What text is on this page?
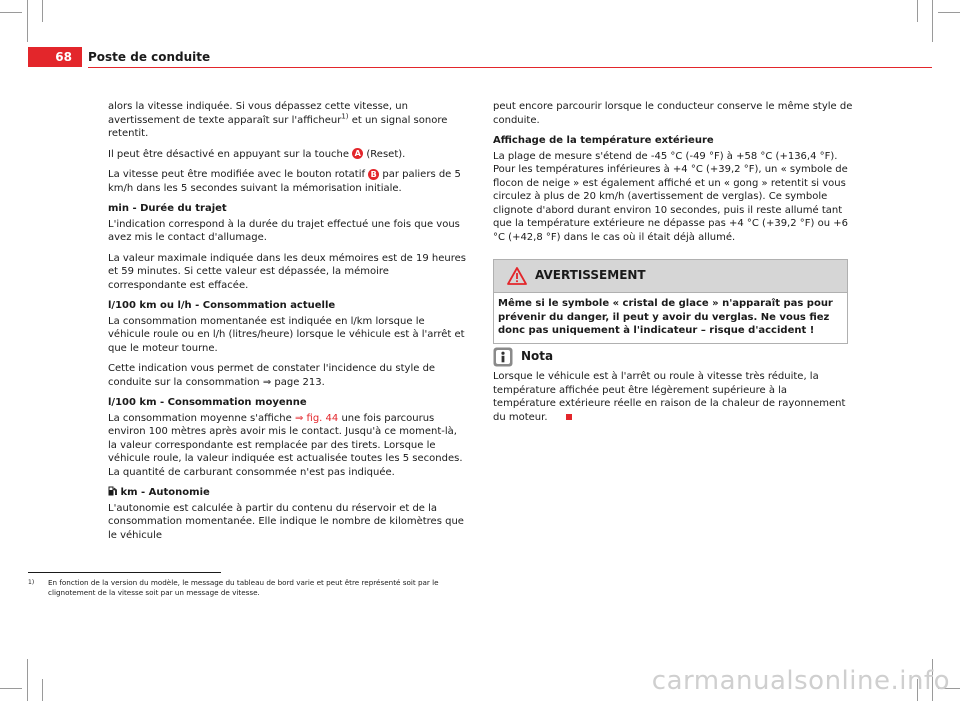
68	Poste de conduite

alors la vitesse indiquée. Si vous dépassez cette vitesse, un avertissement de texte apparaît sur l'afficheur$^{1)}$ et un signal sonore retentit.

Il peut être désactivé en appuyant sur la touche A (Reset).

La vitesse peut être modifiée avec le bouton rotatif B par paliers de 5 km/h dans les 5 secondes suivant la mémorisation initiale.

min - Durée du trajet

L'indication correspond à la durée du trajet effectué une fois que vous avez mis le contact d'allumage.

La valeur maximale indiquée dans les deux mémoires est de 19 heures et 59 minutes. Si cette valeur est dépassée, la mémoire correspondante est effacée.

l/100 km ou l/h - Consommation actuelle

La consommation momentanée est indiquée en l/km lorsque le véhicule roule ou en l/h (litres/heure) lorsque le véhicule est à l'arrêt et que le moteur tourne.

Cette indication vous permet de constater l'incidence du style de conduite sur la consommation ⇒ page 213.

l/100 km - Consommation moyenne

La consommation moyenne s'affiche ⇒ fig. 44 une fois parcourus environ 100 mètres après avoir mis le contact. Jusqu'à ce moment-là, la valeur correspondante est remplacée par des tirets. Lorsque le véhicule roule, la valeur indiquée est actualisée toutes les 5 secondes. La quantité de carburant consommée n'est pas indiquée.

km - Autonomie

L'autonomie est calculée à partir du contenu du réservoir et de la consommation momentanée. Elle indique le nombre de kilomètres que le véhicule

peut encore parcourir lorsque le conducteur conserve le même style de conduite.

Affichage de la température extérieure

La plage de mesure s'étend de -45 °C (-49 °F) à +58 °C (+136,4 °F). Pour les températures inférieures à +4 °C (+39,2 °F), un « symbole de flocon de neige » est également affiché et un « gong » retentit si vous circulez à plus de 20 km/h (avertissement de verglas). Ce symbole clignote d'abord durant environ 10 secondes, puis il reste allumé tant que la température extérieure ne dépasse pas +4 °C (+39,2 °F) ou +6 °C (+42,8 °F) dans le cas où il était déjà allumé.

AVERTISSEMENT
Même si le symbole « cristal de glace » n'apparaît pas pour prévenir du danger, il peut y avoir du verglas. Ne vous fiez donc pas uniquement à l'indicateur – risque d'accident !
Nota
Lorsque le véhicule est à l'arrêt ou roule à vitesse très réduite, la température affichée peut être légèrement supérieure à la température extérieure réelle en raison de la chaleur de rayonnement du moteur.
1)	En fonction de la version du modèle, le message du tableau de bord varie et peut être représenté soit par le clignotement de la vitesse soit par un message de vitesse.
carmanualsonline.info
